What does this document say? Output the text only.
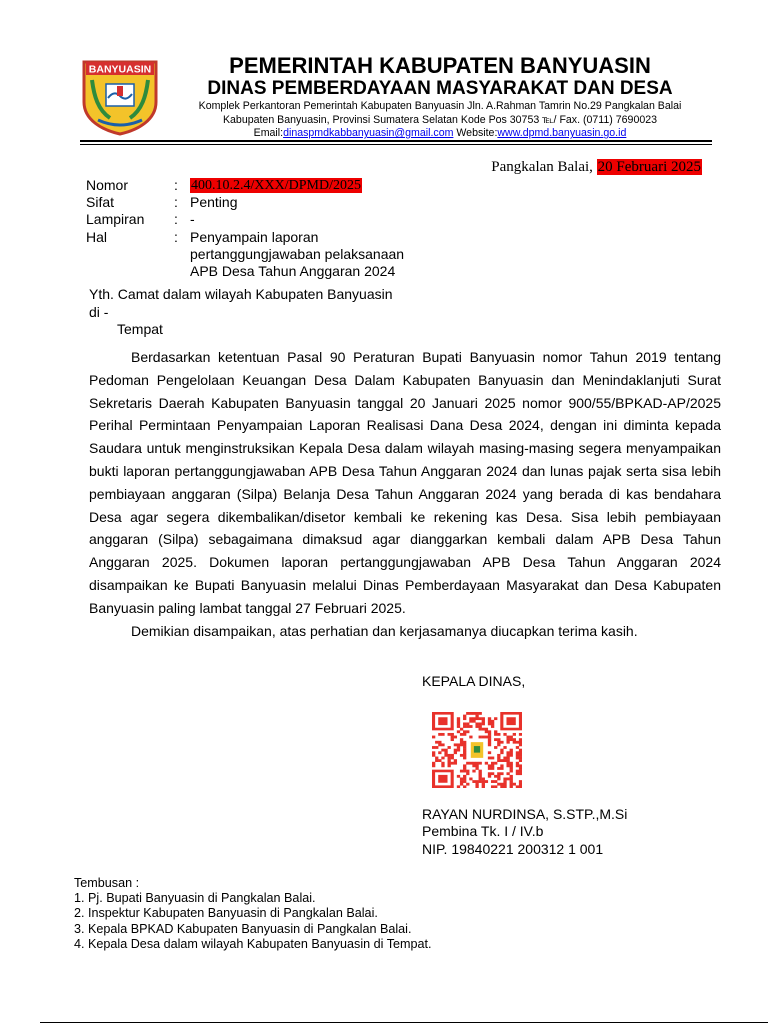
BANYUASIN	PEMERINTAH KABUPATEN BANYUASIN
DINAS PEMBERDAYAAN MASYARAKAT DAN DESA
Komplek Perkantoran Pemerintah Kabupaten Banyuasin Jln. A.Rahman Tamrin No.29 Pangkalan Balai
Kabupaten Banyuasin, Provinsi Sumatera Selatan Kode Pos 30753 ℡/ Fax. (0711) 7690023
Email:dinaspmdkabbanyuasin@gmail.com Website:www.dpmd.banyuasin.go.id
Pangkalan Balai, 20 Februari 2025
Nomor	: 400.10.2.4/XXX/DPMD/2025
Sifat	: Penting
Lampiran : -
Hal	: Penyampain laporan
pertanggungjawaban pelaksanaan
APB Desa Tahun Anggaran 2024
Yth. Camat dalam wilayah Kabupaten Banyuasin
di -
Tempat

Berdasarkan ketentuan Pasal 90 Peraturan Bupati Banyuasin nomor Tahun 2019 tentang Pedoman Pengelolaan Keuangan Desa Dalam Kabupaten Banyuasin dan Menindaklanjuti Surat Sekretaris Daerah Kabupaten Banyuasin tanggal 20 Januari 2025 nomor 900/55/BPKAD-AP/2025 Perihal Permintaan Penyampaian Laporan Realisasi Dana Desa 2024, dengan ini diminta kepada Saudara untuk menginstruksikan Kepala Desa dalam wilayah masing-masing segera menyampaikan bukti laporan pertanggungjawaban APB Desa Tahun Anggaran 2024 dan lunas pajak serta sisa lebih pembiayaan anggaran (Silpa) Belanja Desa Tahun Anggaran 2024 yang berada di kas bendahara Desa agar segera dikembalikan/disetor kembali ke rekening kas Desa. Sisa lebih pembiayaan anggaran (Silpa) sebagaimana dimaksud agar dianggarkan kembali dalam APB Desa Tahun Anggaran 2025. Dokumen laporan pertanggungjawaban APB Desa Tahun Anggaran 2024 disampaikan ke Bupati Banyuasin melalui Dinas Pemberdayaan Masyarakat dan Desa Kabupaten Banyuasin paling lambat tanggal 27 Februari 2025.

Demikian disampaikan, atas perhatian dan kerjasamanya diucapkan terima kasih.

KEPALA DINAS,
RAYAN NURDINSA, S.STP.,M.Si
Pembina Tk. I / IV.b
NIP. 19840221 200312 1 001
Tembusan :
1. Pj. Bupati Banyuasin di Pangkalan Balai.
2. Inspektur Kabupaten Banyuasin di Pangkalan Balai.
3. Kepala BPKAD Kabupaten Banyuasin di Pangkalan Balai.
4. Kepala Desa dalam wilayah Kabupaten Banyuasin di Tempat.
